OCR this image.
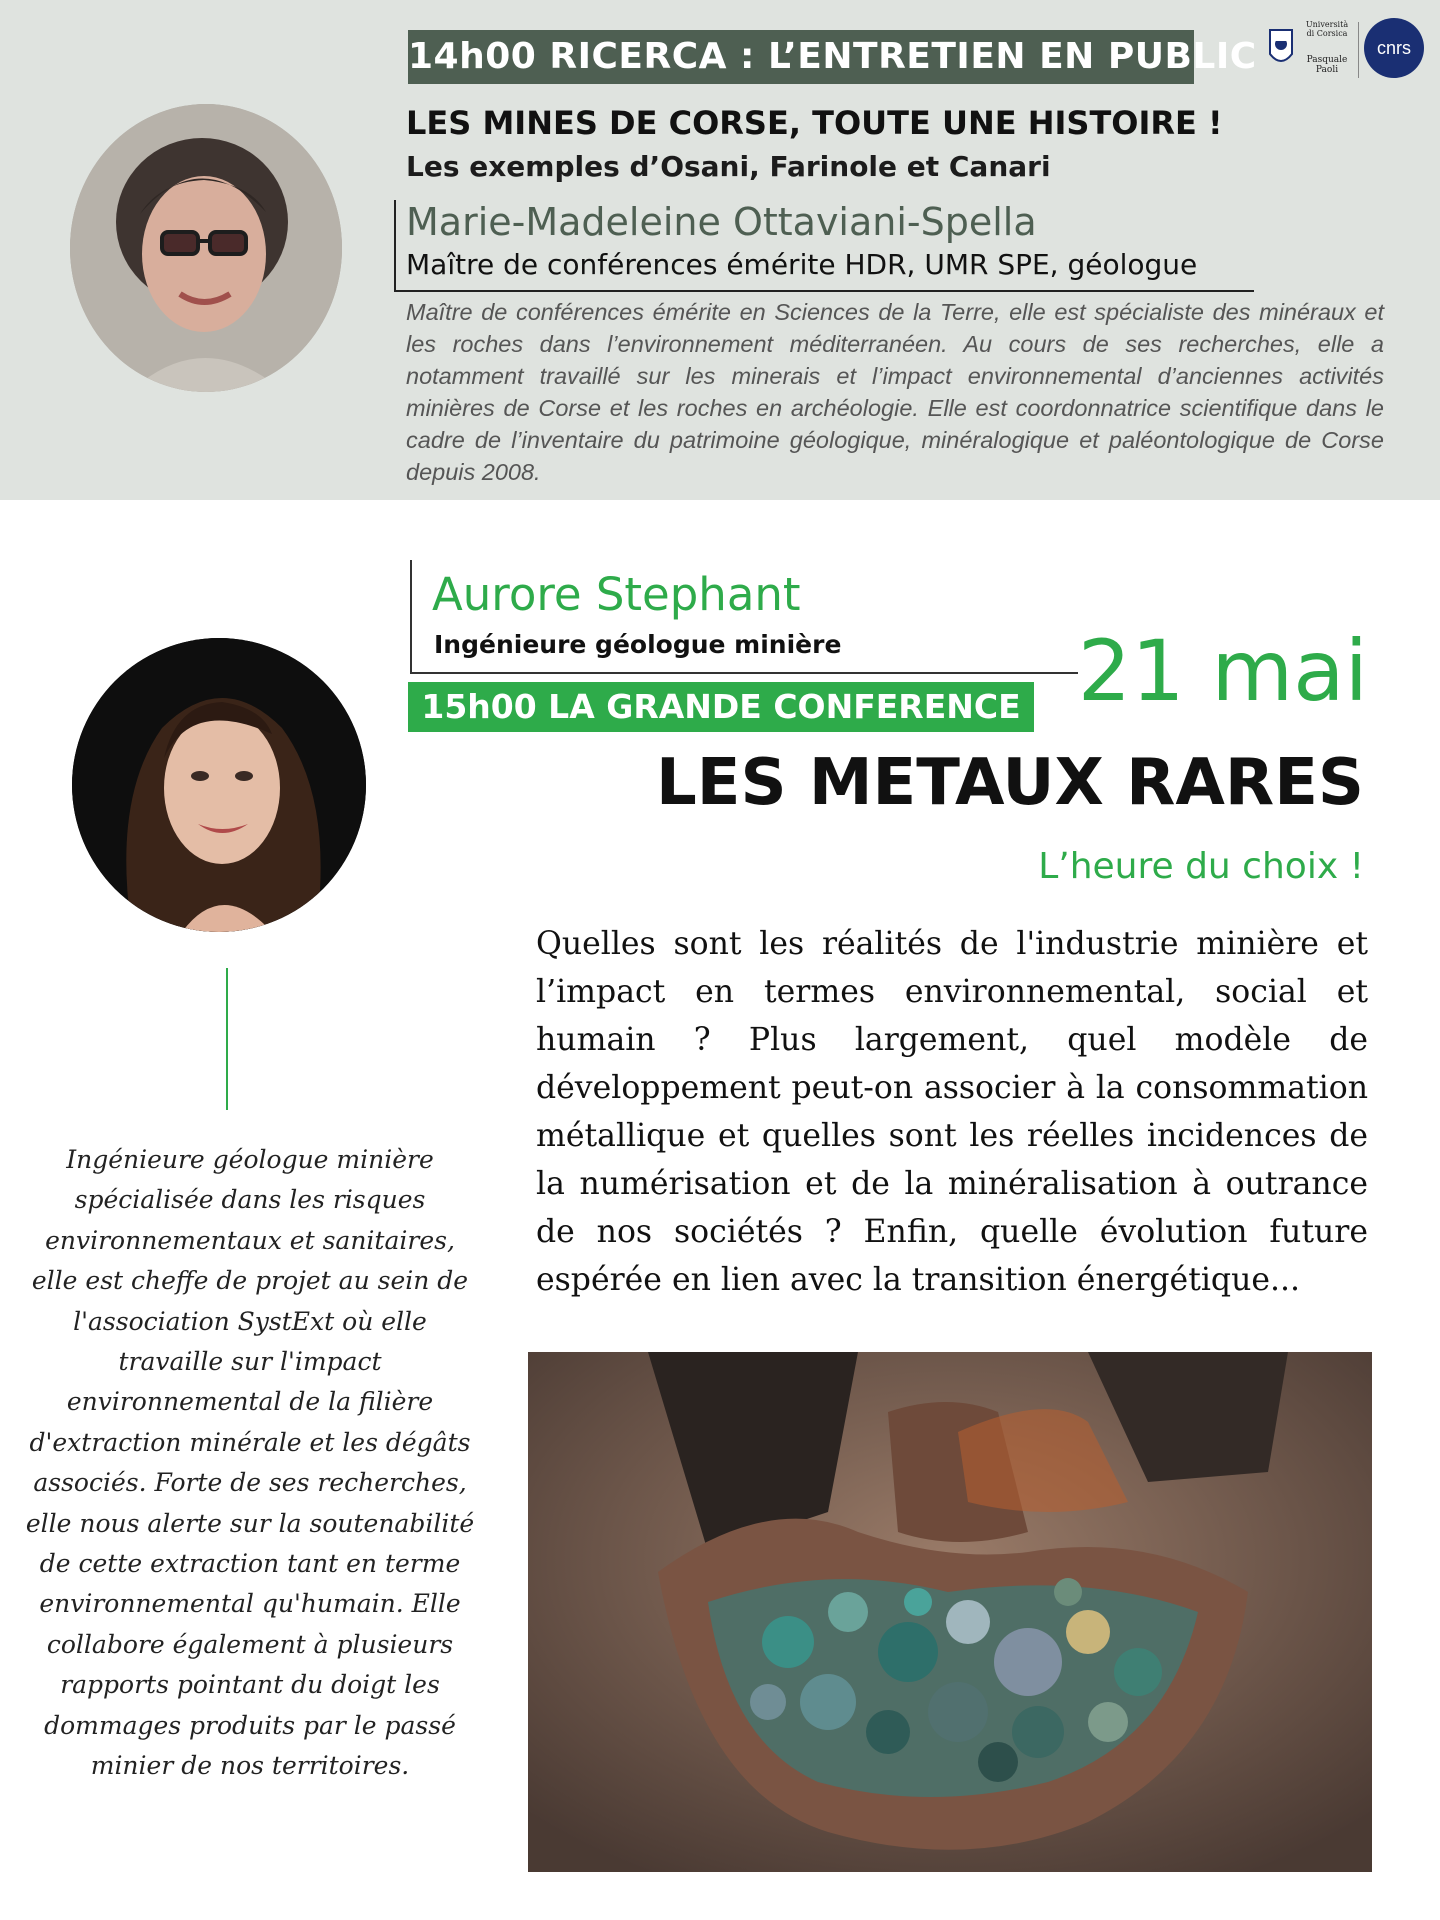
14h00 RICERCA : L’ENTRETIEN EN PUBLIC
Università
di Corsica
Pasquale
Paoli
cnrs
LES MINES DE CORSE, TOUTE UNE HISTOIRE !
Les exemples d’Osani, Farinole et Canari
Marie-Madeleine Ottaviani-Spella
Maître de conférences émérite HDR, UMR SPE, géologue
Maître de conférences émérite en Sciences de la Terre, elle est spécialiste des minéraux et les roches dans l’environnement méditerranéen. Au cours de ses recherches, elle a notamment travaillé sur les minerais et l’impact environnemental d’anciennes activités minières de Corse et les roches en archéologie. Elle est coordonnatrice scientifique dans le cadre de l’inventaire du patrimoine géologique, minéralogique et paléontologique de Corse depuis 2008.
Aurore Stephant
Ingénieure géologue minière
15h00 LA GRANDE CONFERENCE 21 mai
LES METAUX RARES
L’heure du choix !
Ingénieure géologue minière spécialisée dans les risques environnementaux et sanitaires, elle est cheffe de projet au sein de l'association SystExt où elle travaille sur l'impact environnemental de la filière d'extraction minérale et les dégâts associés. Forte de ses recherches, elle nous alerte sur la soutenabilité de cette extraction tant en terme environnemental qu'humain. Elle collabore également à plusieurs rapports pointant du doigt les dommages produits par le passé minier de nos territoires.
Quelles sont les réalités de l'industrie minière et l’impact en termes environnemental, social et humain ? Plus largement, quel modèle de développement peut-on associer à la consommation métallique et quelles sont les réelles incidences de la numérisation et de la minéralisation à outrance de nos sociétés ? Enfin, quelle évolution future espérée en lien avec la transition énergétique...
